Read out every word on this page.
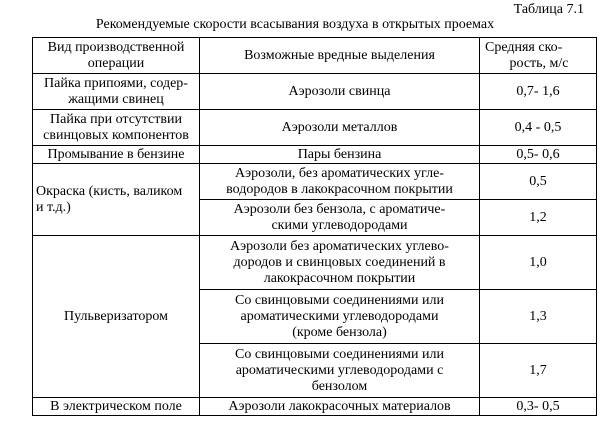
Таблица 7.1
Рекомендуемые скорости всасывания воздуха в открытых проемах
Вид производственной
операции	Возможные вредные выделения	Средняя ско-
рость, м/с

Пайка припоями, содер-
жащими свинец	Аэрозоли свинца	0,7- 1,6

Пайка при отсутствии
свинцовых компонентов	Аэрозоли металлов	0,4 - 0,5

Промывание в бензине	Пары бензина	0,5- 0,6

Окраска (кисть, валиком
и т.д.)	Аэрозоли, без ароматических угле-
водородов в лакокрасочном покрытии	0,5

	Аэрозоли без бензола, с ароматиче-
скими углеводородами	1,2

Пульверизатором	Аэрозоли без ароматических углево-
дородов и свинцовых соединений в
лакокрасочном покрытии	1,0

	Со свинцовыми соединениями или
ароматическими углеводородами
(кроме бензола)	1,3

	Со свинцовыми соединениями или
ароматическими углеводородами с
бензолом	1,7

В электрическом поле	Аэрозоли лакокрасочных материалов	0,3- 0,5
